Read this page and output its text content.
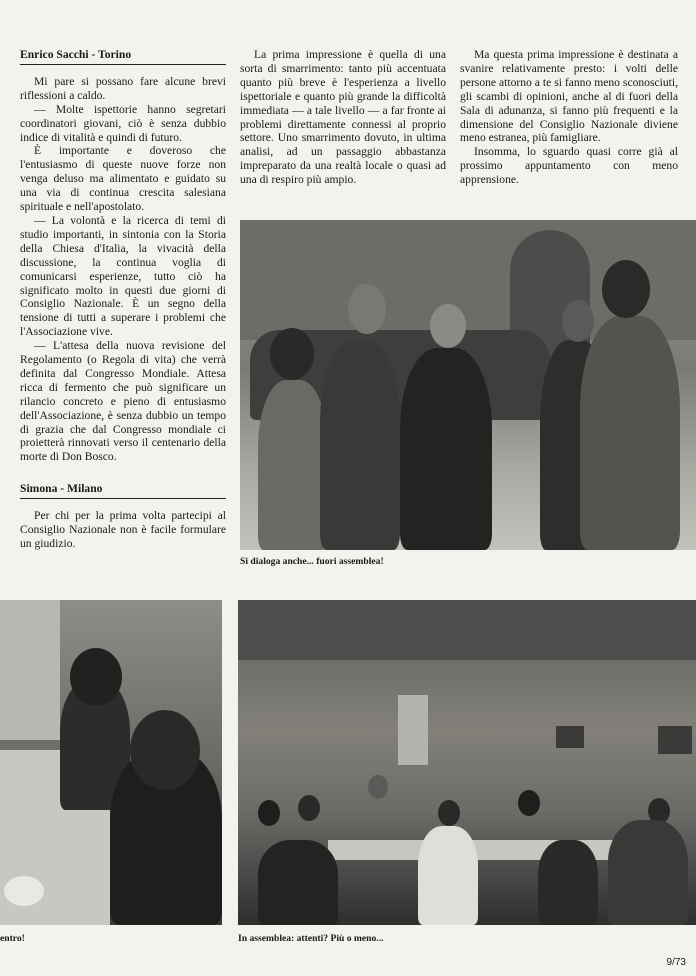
Enrico Sacchi - Torino

Mi pare si possano fare alcune brevi riflessioni a caldo.

— Molte ispettorie hanno segretari coordinatori giovani, ciò è senza dubbio indice di vitalità e quindi di futuro.

È importante e doveroso che l'entusiasmo di queste nuove forze non venga deluso ma alimentato e guidato su una via di continua crescita salesiana spirituale e nell'apostolato.

— La volontà e la ricerca di temi di studio importanti, in sintonia con la Storia della Chiesa d'Italia, la vivacità della discussione, la continua voglia di comunicarsi esperienze, tutto ciò ha significato molto in questi due giorni di Consiglio Nazionale. È un segno della tensione di tutti a superare i problemi che l'Associazione vive.

— L'attesa della nuova revisione del Regolamento (o Regola di vita) che verrà definita dal Congresso Mondiale. Attesa ricca di fermento che può significare un rilancio concreto e pieno di entusiasmo dell'Associazione, è senza dubbio un tempo di grazia che dal Congresso mondiale ci proietterà rinnovati verso il centenario della morte di Don Bosco.

Simona - Milano

Per chi per la prima volta partecipi al Consiglio Nazionale non è facile formulare un giudizio.

La prima impressione è quella di una sorta di smarrimento: tanto più accentuata quanto più breve è l'esperienza a livello ispettoriale e quanto più grande la difficoltà immediata — a tale livello — a far fronte ai problemi direttamente connessi al proprio settore. Uno smarrimento dovuto, in ultima analisi, ad un passaggio abbastanza impreparato da una realtà locale o quasi ad una di respiro più ampio.

Ma questa prima impressione è destinata a svanire relativamente presto: i volti delle persone attorno a te si fanno meno sconosciuti, gli scambi di opinioni, anche al di fuori della Sala di adunanza, si fanno più frequenti e la dimensione del Consiglio Nazionale diviene meno estranea, più famigliare.

Insomma, lo sguardo quasi corre già al prossimo appuntamento con meno apprensione.

Si dialoga anche... fuori assemblea!
entro!	In assemblea: attenti? Più o meno...
9/73
